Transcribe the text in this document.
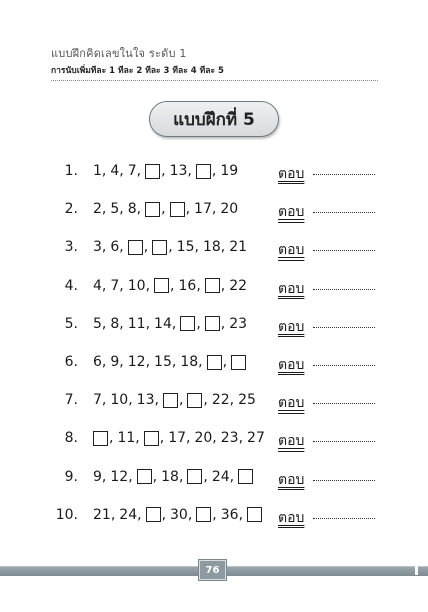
แบบฝึกคิดเลขในใจ ระดับ 1
การนับเพิ่มทีละ 1 ทีละ 2 ทีละ 3 ทีละ 4 ทีละ 5
แบบฝึกที่ 5
1. 1 , 4 , 7 , , 13 , , 19	ตอบ
2. 2 , 5 , 8 , , , 17 , 20	ตอบ
3. 3 , 6 , , , 15 , 18 , 21 ตอบ
4. 4 , 7 , 10 , , 16 , , 22 ตอบ
5. 5 , 8 , 11 , 14 , , , 23 ตอบ
6. 6 , 9 , 12 , 15 , 18 , ,	ตอบ
7. 7 , 10 , 13 , , , 22 , 25 ตอบ
8. , 11 , , 17 , 20 , 23 , 27 ตอบ
9. 9 , 12 , , 18 , , 24 ,	ตอบ
10. 21 , 24 , , 30 , , 36 , ตอบ
76
